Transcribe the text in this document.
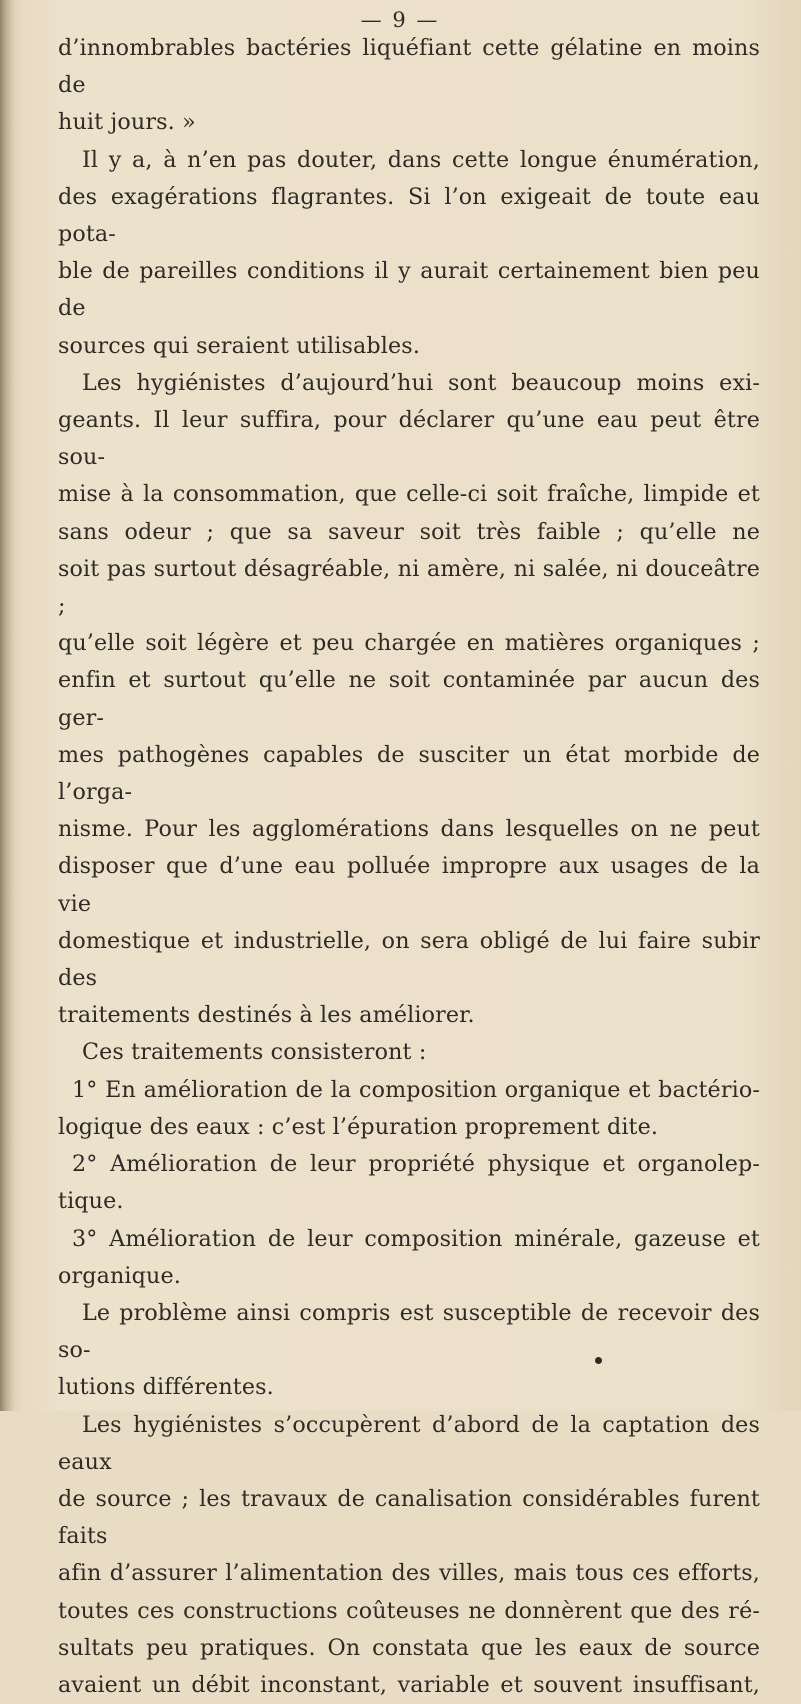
— 9 —

d’innombrables bactéries liquéfiant cette gélatine en moins de

huit jours. »

Il y a, à n’en pas douter, dans cette longue énumération,

des exagérations flagrantes. Si l’on exigeait de toute eau pota-

ble de pareilles conditions il y aurait certainement bien peu de

sources qui seraient utilisables.

Les hygiénistes d’aujourd’hui sont beaucoup moins exi-

geants. Il leur suffira, pour déclarer qu’une eau peut être sou-

mise à la consommation, que celle-ci soit fraîche, limpide et

sans odeur ; que sa saveur soit très faible ; qu’elle ne

soit pas surtout désagréable, ni amère, ni salée, ni douceâtre ;

qu’elle soit légère et peu chargée en matières organiques ;

enfin et surtout qu’elle ne soit contaminée par aucun des ger-

mes pathogènes capables de susciter un état morbide de l’orga-

nisme. Pour les agglomérations dans lesquelles on ne peut

disposer que d’une eau polluée impropre aux usages de la vie

domestique et industrielle, on sera obligé de lui faire subir des

traitements destinés à les améliorer.

Ces traitements consisteront :

1° En amélioration de la composition organique et bactério-

logique des eaux : c’est l’épuration proprement dite.

2° Amélioration de leur propriété physique et organolep-

tique.

3° Amélioration de leur composition minérale, gazeuse et

organique.

Le problème ainsi compris est susceptible de recevoir des so-

lutions différentes.

Les hygiénistes s’occupèrent d’abord de la captation des eaux

de source ; les travaux de canalisation considérables furent faits

afin d’assurer l’alimentation des villes, mais tous ces efforts,

toutes ces constructions coûteuses ne donnèrent que des ré-

sultats peu pratiques. On constata que les eaux de source

avaient un débit inconstant, variable et souvent insuffisant,
